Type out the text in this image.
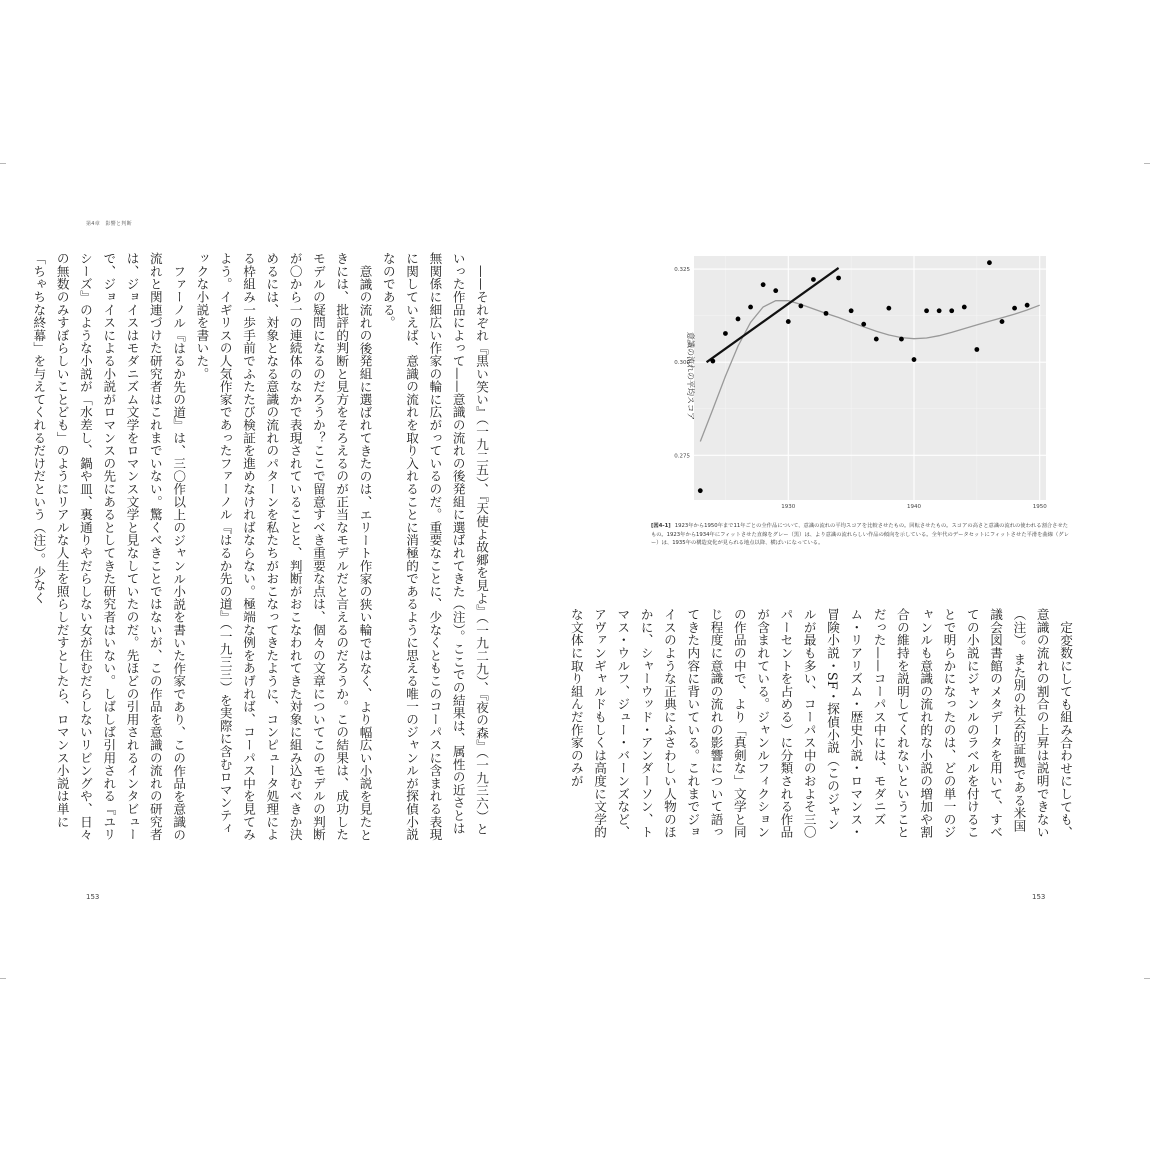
第4章　影響と判断

——それぞれ『黒い笑い』（一九二五）、『天使よ故郷を見よ』（一九二九）、『夜の森』（一九三六）といった作品によって——意識の流れの後発組に選ばれてきた（注）。ここでの結果は、属性の近さとは無関係に細広い作家の輪に広がっているのだ。重要なことに、少なくともこのコーパスに含まれる表現に関していえば、意識の流れを取り入れることに消極的であるように思える唯一のジャンルが探偵小説なのである。

意識の流れの後発組に選ばれてきたのは、エリート作家の狭い輪ではなく、より幅広い小説を見たときには、批評的判断と見方をそろえるのが正当なモデルだと言えるのだろうか。この結果は、成功したモデルの疑問になるのだろうか？ここで留意すべき重要な点は、個々の文章についてこのモデルの判断が〇から一の連続体のなかで表現されていることと、判断がおこなわれてきた対象に組み込むべきか決めるには、対象となる意識の流れのパターンを私たちがおこなってきたように、コンピュータ処理による枠組み一歩手前でふたたび検証を進めなければならない。極端な例をあげれば、コーパス中を見てみよう。イギリスの人気作家であったファーノル『はるか先の道』（一九三三）を実際に含むロマンティックな小説を書いた。

ファーノル『はるか先の道』は、三〇作以上のジャンル小説を書いた作家であり、この作品を意識の流れと関連づけた研究者はこれまでいない。驚くべきことではないが、この作品を意識の流れの研究者は、ジョイスはモダニズム文学をロマンス文学と見なしていたのだ。先ほどの引用されるインタビューで、ジョイスによる小説がロマンスの先にあるとしてきた研究者はいない。しばしば引用される『ユリシーズ』のような小説が「水差し、鍋や皿、裏通りやだらしない女が住むだらしないリビングや、日々の無数のみすぼらしいことども」のようにリアルな人生を照らしだすとしたら、ロマンス小説は単に「ちゃちな終幕」を与えてくれるだけだという（注）。少なく

153
0.275
0.300
0.325
1930	1940	1950
意識の流れの平均スコア
[図4-1] 1923年から1950年まで11年ごとの全作品について、意識の流れの平均スコアを比較させたもの。回転させたもの。スコアの高さと意識の流れの使われる割合させたもの。1923年から1934年にフィットさせた直線をグレー（黒）は、より意識の流れらしい作品の傾向を示している。全年代のデータセットにフィットさせた平滑を曲線（グレー）は、1935年の構造変化が見られる地点以降、横ばいになっている。

定変数にしても組み合わせにしても、意識の流れの割合の上昇は説明できない（注）。また別の社会的証拠である米国議会図書館のメタデータを用いて、すべての小説にジャンルのラベルを付けることで明らかになったのは、どの単一のジャンルも意識の流れ的な小説の増加や割合の維持を説明してくれないということだった——コーパス中には、モダニズム・リアリズム・歴史小説・ロマンス・冒険小説・SF・探偵小説（このジャンルが最も多い、コーパス中のおよそ三〇パーセントを占める）に分類される作品が含まれている。ジャンルフィクションの作品の中で、より「真剣な」文学と同じ程度に意識の流れの影響について語ってきた内容に背いている。これまでジョイスのような正典にふさわしい人物のほかに、シャーウッド・アンダーソン、トマス・ウルフ、ジュー・バーンズなど、アヴァンギャルドもしくは高度に文学的な文体に取り組んだ作家のみが

153
